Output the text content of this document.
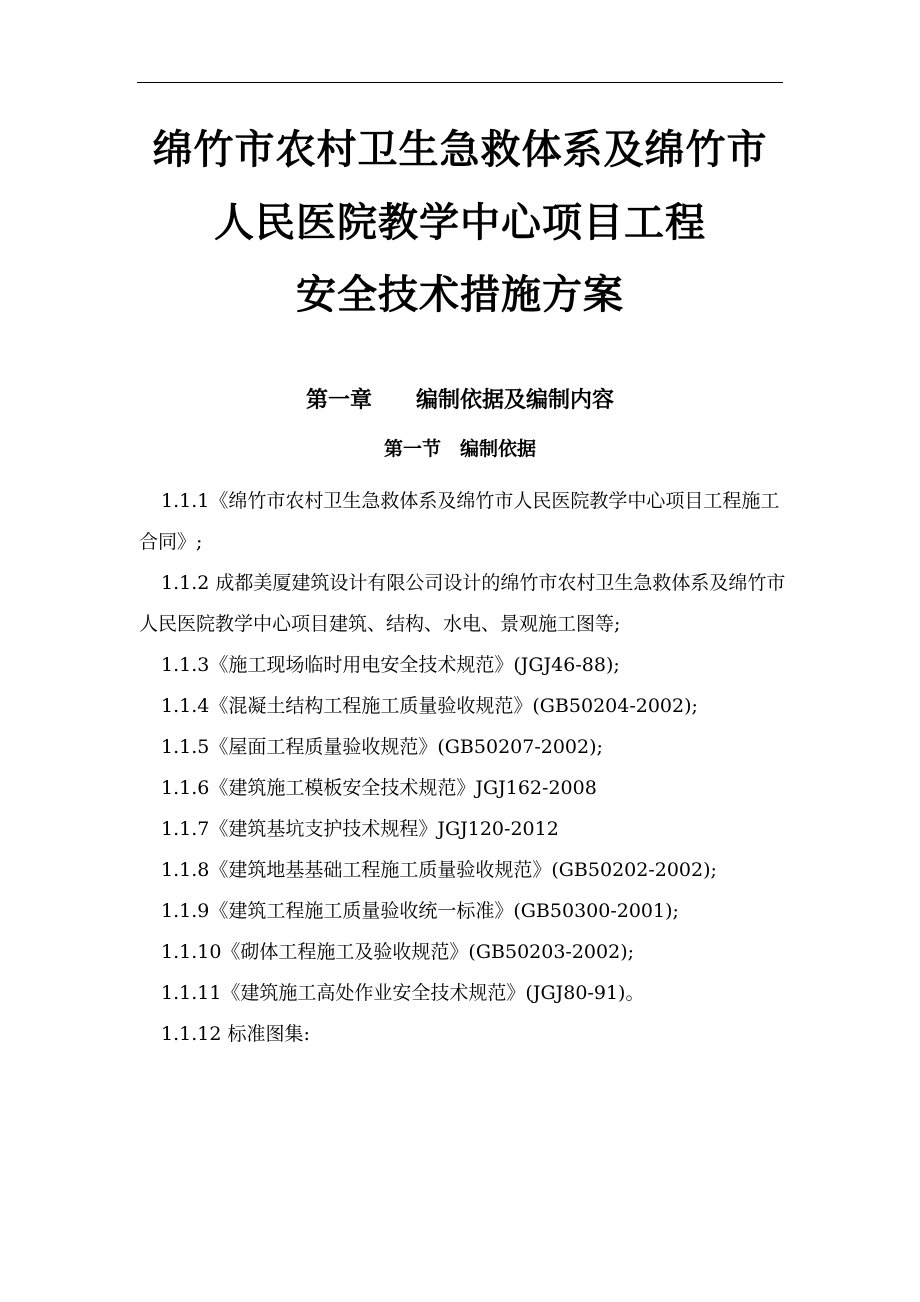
绵竹市农村卫生急救体系及绵竹市
人民医院教学中心项目工程
安全技术措施方案
第一章　　编制依据及编制内容
第一节　编制依据

1.1.1《绵竹市农村卫生急救体系及绵竹市人民医院教学中心项目工程施工合同》;

1.1.2 成都美厦建筑设计有限公司设计的绵竹市农村卫生急救体系及绵竹市人民医院教学中心项目建筑、结构、水电、景观施工图等;

1.1.3《施工现场临时用电安全技术规范》(JGJ46-88);

1.1.4《混凝土结构工程施工质量验收规范》(GB50204-2002);

1.1.5《屋面工程质量验收规范》(GB50207-2002);

1.1.6《建筑施工模板安全技术规范》JGJ162-2008

1.1.7《建筑基坑支护技术规程》JGJ120-2012

1.1.8《建筑地基基础工程施工质量验收规范》(GB50202-2002);

1.1.9《建筑工程施工质量验收统一标准》(GB50300-2001);

1.1.10《砌体工程施工及验收规范》(GB50203-2002);

1.1.11《建筑施工高处作业安全技术规范》(JGJ80-91)。

1.1.12 标准图集:
